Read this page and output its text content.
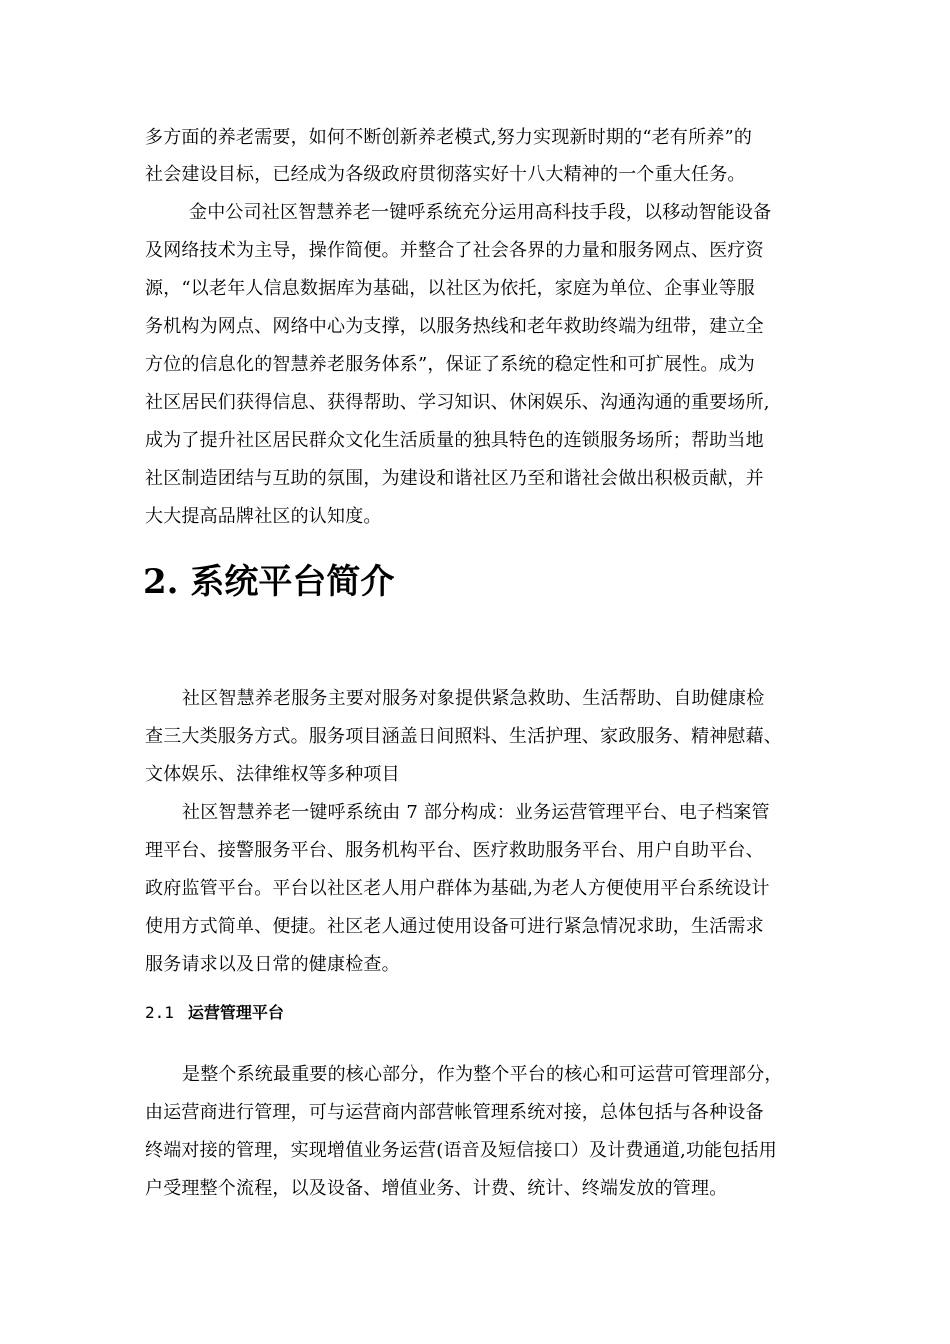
多方面的养老需要，如何不断创新养老模式,努力实现新时期的“老有所养”的
社会建设目标，已经成为各级政府贯彻落实好十八大精神的一个重大任务。
金中公司社区智慧养老一键呼系统充分运用高科技手段，以移动智能设备
及网络技术为主导，操作简便。并整合了社会各界的力量和服务网点、医疗资
源，“以老年人信息数据库为基础，以社区为依托，家庭为单位、企事业等服
务机构为网点、网络中心为支撑，以服务热线和老年救助终端为纽带，建立全
方位的信息化的智慧养老服务体系”，保证了系统的稳定性和可扩展性。成为
社区居民们获得信息、获得帮助、学习知识、休闲娱乐、沟通沟通的重要场所,
成为了提升社区居民群众文化生活质量的独具特色的连锁服务场所；帮助当地
社区制造团结与互助的氛围，为建设和谐社区乃至和谐社会做出积极贡献，并
大大提高品牌社区的认知度。
2. 系统平台简介
社区智慧养老服务主要对服务对象提供紧急救助、生活帮助、自助健康检
查三大类服务方式。服务项目涵盖日间照料、生活护理、家政服务、精神慰藉、
文体娱乐、法律维权等多种项目
社区智慧养老一键呼系统由 7 部分构成：业务运营管理平台、电子档案管
理平台、接警服务平台、服务机构平台、医疗救助服务平台、用户自助平台、
政府监管平台。平台以社区老人用户群体为基础,为老人方便使用平台系统设计
使用方式简单、便捷。社区老人通过使用设备可进行紧急情况求助，生活需求
服务请求以及日常的健康检查。
2.1 运营管理平台
是整个系统最重要的核心部分，作为整个平台的核心和可运营可管理部分，
由运营商进行管理，可与运营商内部营帐管理系统对接，总体包括与各种设备
终端对接的管理，实现增值业务运营(语音及短信接口）及计费通道,功能包括用
户受理整个流程，以及设备、增值业务、计费、统计、终端发放的管理。
